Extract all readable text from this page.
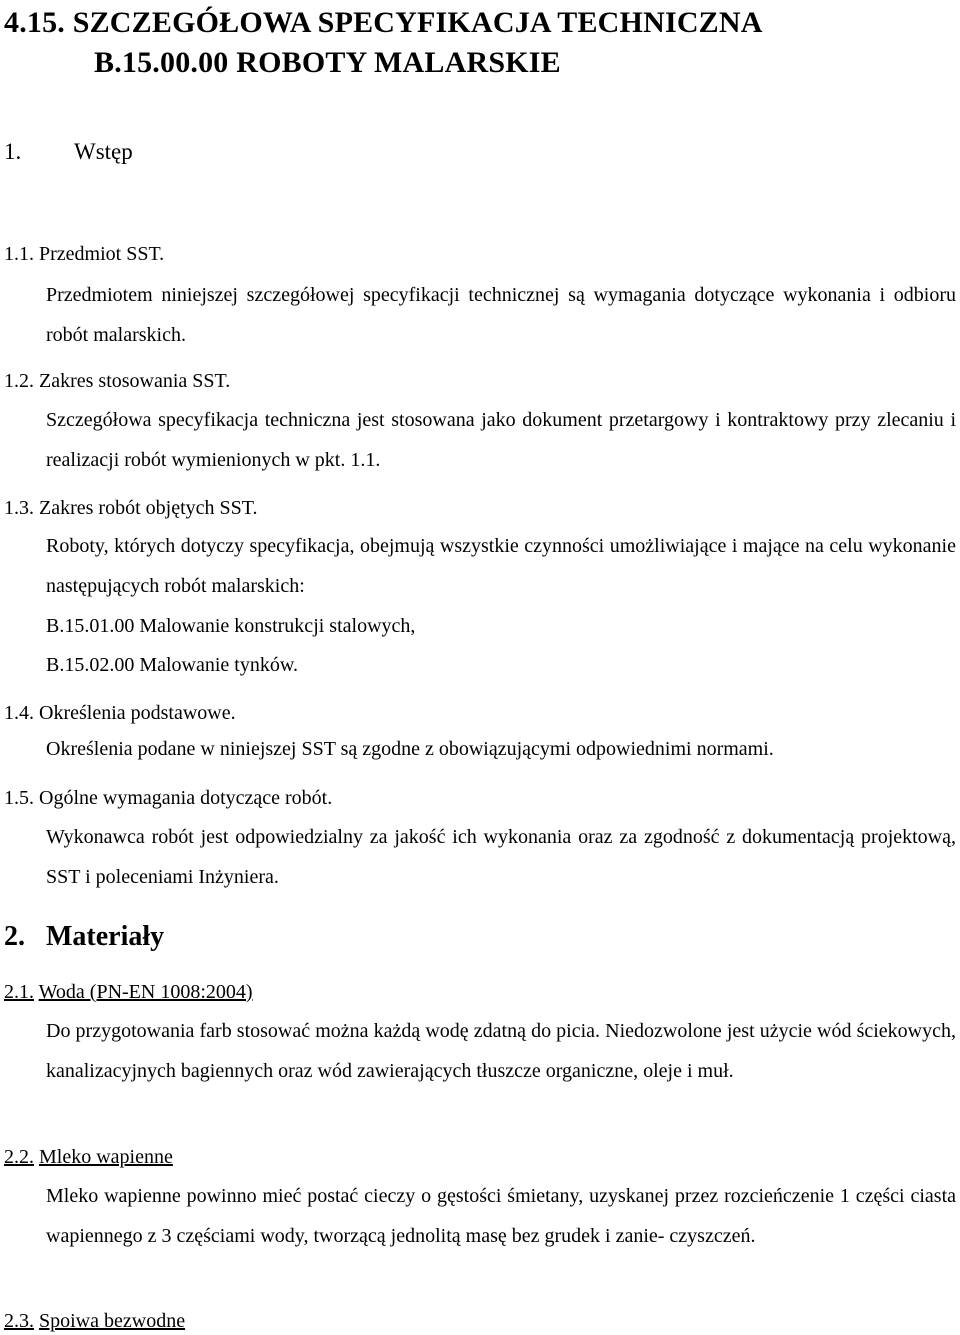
4.15. SZCZEGÓŁOWA SPECYFIKACJA TECHNICZNA
B.15.00.00 ROBOTY MALARSKIE
1. Wstęp
1.1. Przedmiot SST.
Przedmiotem niniejszej szczegółowej specyfikacji technicznej są wymagania dotyczące wykonania i odbioru robót malarskich.
1.2. Zakres stosowania SST.
Szczegółowa specyfikacja techniczna jest stosowana jako dokument przetargowy i kontraktowy przy zlecaniu i realizacji robót wymienionych w pkt. 1.1.
1.3. Zakres robót objętych SST.
Roboty, których dotyczy specyfikacja, obejmują wszystkie czynności umożliwiające i mające na celu wykonanie następujących robót malarskich:
B.15.01.00 Malowanie konstrukcji stalowych,
B.15.02.00 Malowanie tynków.
1.4. Określenia podstawowe.
Określenia podane w niniejszej SST są zgodne z obowiązującymi odpowiednimi normami.
1.5. Ogólne wymagania dotyczące robót.
Wykonawca robót jest odpowiedzialny za jakość ich wykonania oraz za zgodność z dokumentacją projektową, SST i poleceniami Inżyniera.
2. Materiały
2.1. Woda (PN-EN 1008:2004)
Do przygotowania farb stosować można każdą wodę zdatną do picia. Niedozwolone jest użycie wód ściekowych, kanalizacyjnych bagiennych oraz wód zawierających tłuszcze organiczne, oleje i muł.
2.2. Mleko wapienne
Mleko wapienne powinno mieć postać cieczy o gęstości śmietany, uzyskanej przez rozcieńczenie 1 części ciasta wapiennego z 3 częściami wody, tworzącą jednolitą masę bez grudek i zanie- czyszczeń.
2.3. Spoiwa bezwodne
